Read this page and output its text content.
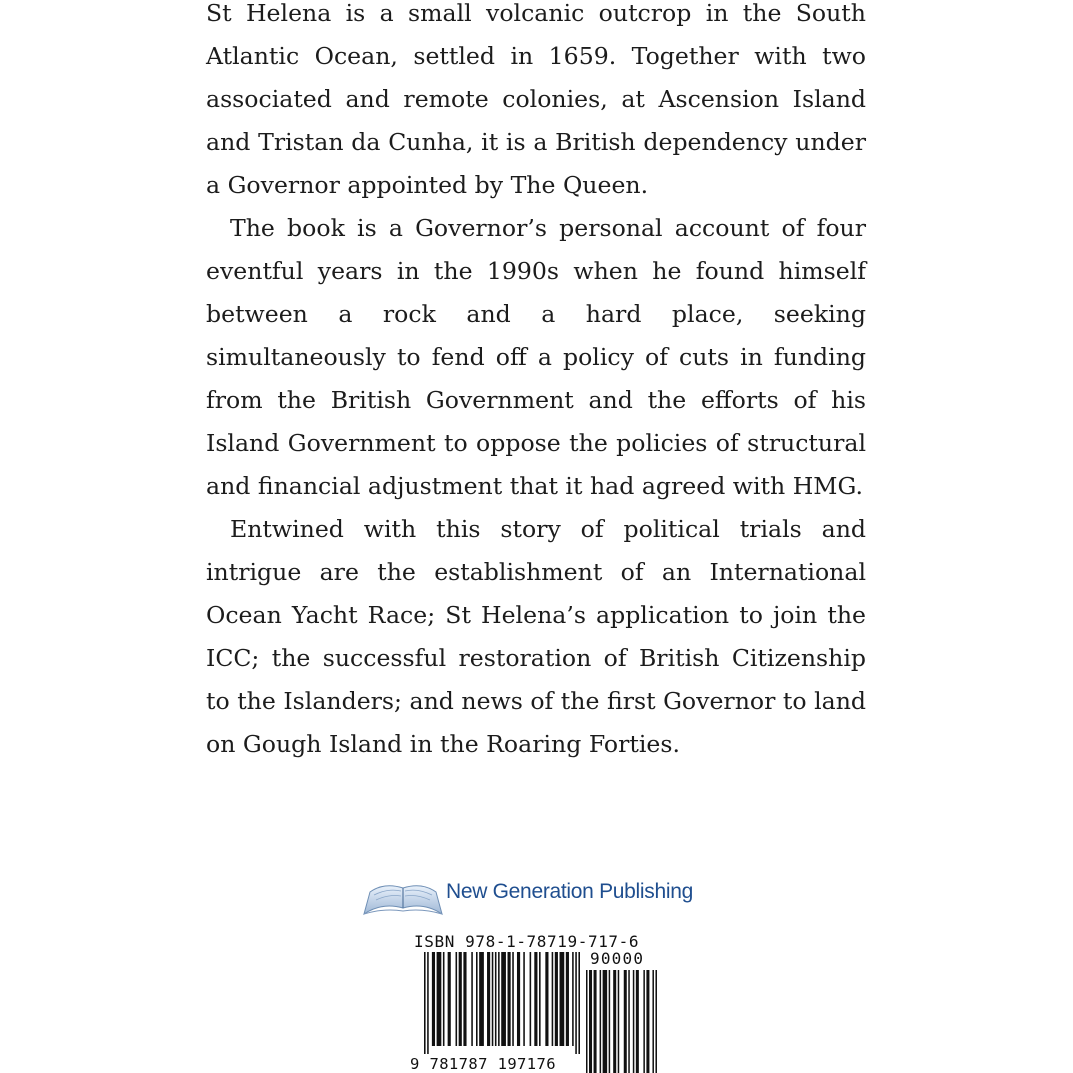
St Helena is a small volcanic outcrop in the South Atlantic Ocean, settled in 1659. Together with two associated and remote colonies, at Ascension Island and Tristan da Cunha, it is a British dependency under a Governor appointed by The Queen.

The book is a Governor’s personal account of four eventful years in the 1990s when he found himself between a rock and a hard place, seeking simultaneously to fend off a policy of cuts in funding from the British Government and the efforts of his Island Government to oppose the policies of structural and financial adjustment that it had agreed with HMG.

Entwined with this story of political trials and intrigue are the establishment of an International Ocean Yacht Race; St Helena’s application to join the ICC; the successful restoration of British Citizenship to the Islanders; and news of the first Governor to land on Gough Island in the Roaring Forties.

New Generation Publishing
ISBN 978-1-78719-717-6
90000
9 781787 197176
